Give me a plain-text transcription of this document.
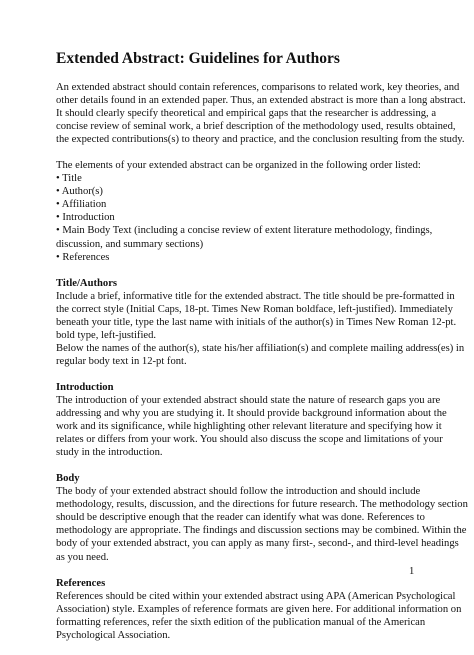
Extended Abstract: Guidelines for Authors

An extended abstract should contain references, comparisons to related work, key theories, and
other details found in an extended paper. Thus, an extended abstract is more than a long abstract.
It should clearly specify theoretical and empirical gaps that the researcher is addressing, a
concise review of seminal work, a brief description of the methodology used, results obtained,
the expected contributions(s) to theory and practice, and the conclusion resulting from the study.

The elements of your extended abstract can be organized in the following order listed:

• Title
• Author(s)
• Affiliation
• Introduction
• Main Body Text (including a concise review of extent literature methodology, findings,
discussion, and summary sections)
• References

Title/Authors
Include a brief, informative title for the extended abstract. The title should be pre-formatted in
the correct style (Initial Caps, 18-pt. Times New Roman boldface, left-justified). Immediately
beneath your title, type the last name with initials of the author(s) in Times New Roman 12-pt.
bold type, left-justified.
Below the names of the author(s), state his/her affiliation(s) and complete mailing address(es) in
regular body text in 12-pt font.

Introduction
The introduction of your extended abstract should state the nature of research gaps you are
addressing and why you are studying it. It should provide background information about the
work and its significance, while highlighting other relevant literature and specifying how it
relates or differs from your work. You should also discuss the scope and limitations of your
study in the introduction.

Body
The body of your extended abstract should follow the introduction and should include
methodology, results, discussion, and the directions for future research. The methodology section
should be descriptive enough that the reader can identify what was done. References to
methodology are appropriate. The findings and discussion sections may be combined. Within the
body of your extended abstract, you can apply as many first-, second-, and third-level headings
as you need.

References
References should be cited within your extended abstract using APA (American Psychological
Association) style. Examples of reference formats are given here. For additional information on
formatting references, refer the sixth edition of the publication manual of the American
Psychological Association.

1
